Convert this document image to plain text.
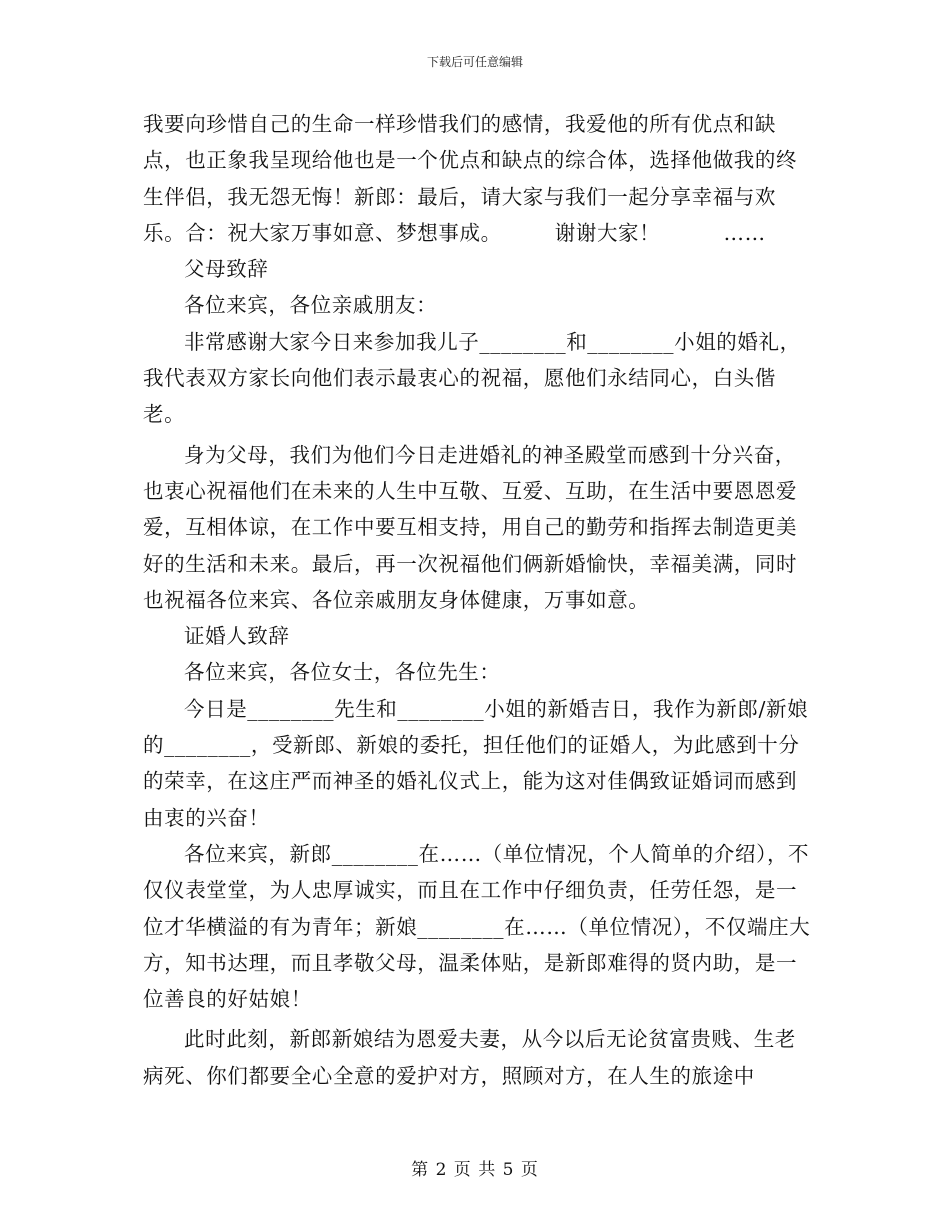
下载后可任意编辑

我要向珍惜自己的生命一样珍惜我们的感情，我爱他的所有优点和缺点，也正象我呈现给他也是一个优点和缺点的综合体，选择他做我的终生伴侣，我无怨无悔！新郎：最后，请大家与我们一起分享幸福与欢乐。合：祝大家万事如意、梦想事成。　　　谢谢大家！　　　……

父母致辞

各位来宾，各位亲戚朋友：

非常感谢大家今日来参加我儿子________和________小姐的婚礼，我代表双方家长向他们表示最衷心的祝福，愿他们永结同心，白头偕老。

身为父母，我们为他们今日走进婚礼的神圣殿堂而感到十分兴奋，也衷心祝福他们在未来的人生中互敬、互爱、互助，在生活中要恩恩爱爱，互相体谅，在工作中要互相支持，用自己的勤劳和指挥去制造更美好的生活和未来。最后，再一次祝福他们俩新婚愉快，幸福美满，同时也祝福各位来宾、各位亲戚朋友身体健康，万事如意。

证婚人致辞

各位来宾，各位女士，各位先生：

今日是________先生和________小姐的新婚吉日，我作为新郎/新娘的________，受新郎、新娘的委托，担任他们的证婚人，为此感到十分的荣幸，在这庄严而神圣的婚礼仪式上，能为这对佳偶致证婚词而感到由衷的兴奋！

各位来宾，新郎________在……（单位情况，个人简单的介绍），不仅仪表堂堂，为人忠厚诚实，而且在工作中仔细负责，任劳任怨，是一位才华横溢的有为青年；新娘________在……（单位情况），不仅端庄大方，知书达理，而且孝敬父母，温柔体贴，是新郎难得的贤内助，是一位善良的好姑娘！

此时此刻，新郎新娘结为恩爱夫妻，从今以后无论贫富贵贱、生老病死、你们都要全心全意的爱护对方，照顾对方，在人生的旅途中

第 2 页 共 5 页
